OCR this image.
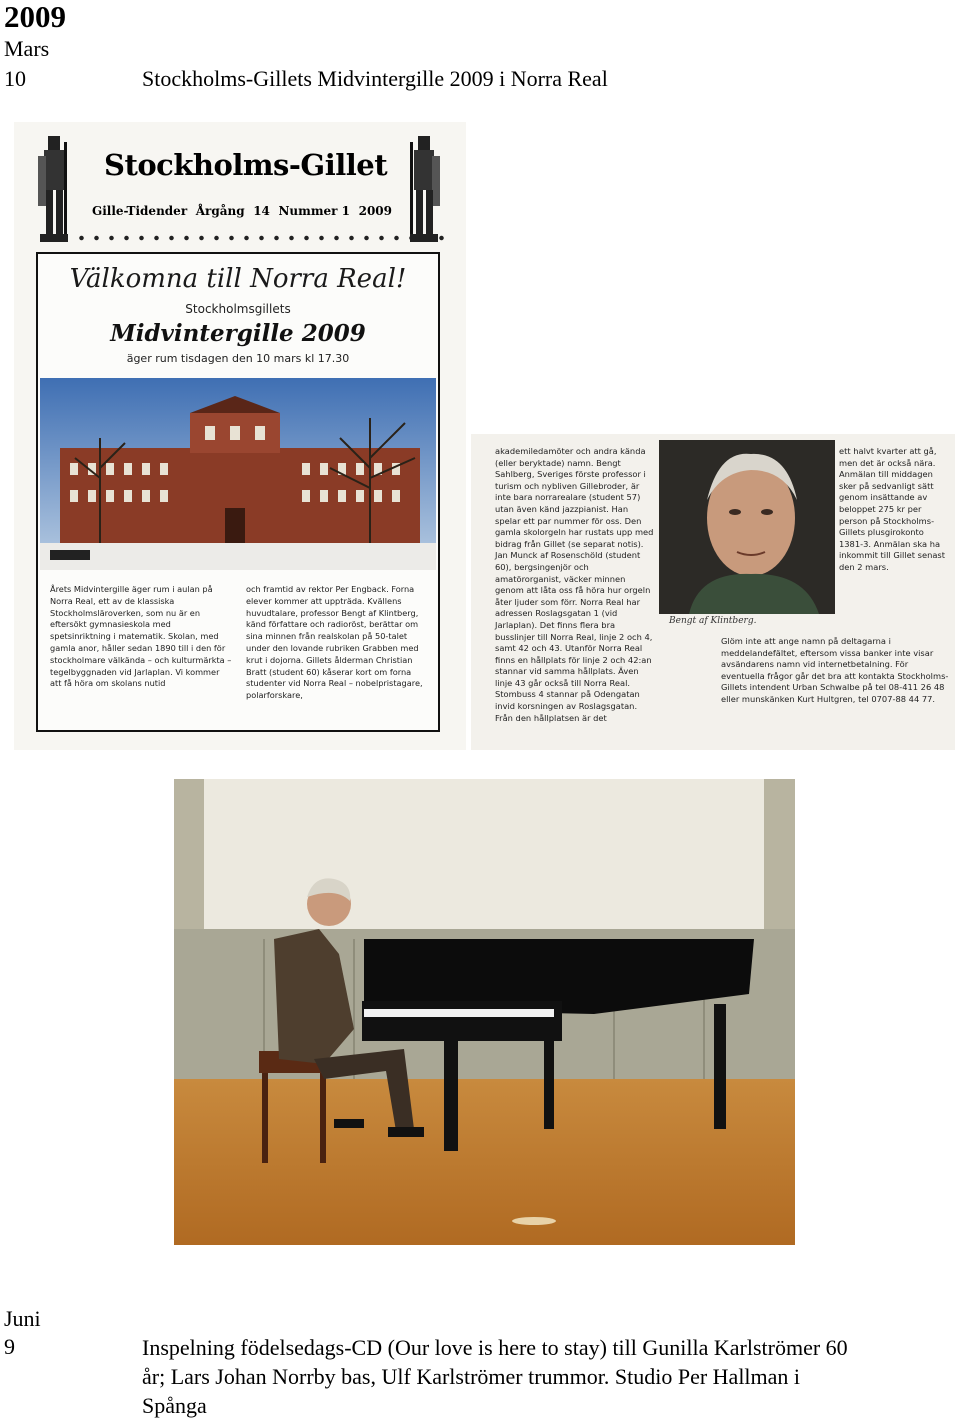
2009
Mars
10	Stockholms-Gillets Midvintergille 2009 i Norra Real
Stockholms-Gillet
Gille-Tidender Årgång 14 Nummer 1 2009
Välkomna till Norra Real!
Stockholmsgillets
Midvintergille 2009
äger rum tisdagen den 10 mars kl 17.30
Årets Midvintergille äger rum i aulan på Norra Real, ett av de klassiska Stockholmsläroverken, som nu är en eftersökt gymnasieskola med spetsinriktning i matematik. Skolan, med gamla anor, håller sedan 1890 till i den för stockholmare välkända – och kulturmärkta – tegelbyggnaden vid Jarlaplan. Vi kommer att få höra om skolans nutid
och framtid av rektor Per Engback. Forna elever kommer att uppträda. Kvällens huvudtalare, professor Bengt af Klintberg, känd författare och radioröst, berättar om sina minnen från realskolan på 50-talet under den lovande rubriken Grabben med krut i dojorna. Gillets ålderman Christian Bratt (student 60) kåserar kort om forna studenter vid Norra Real – nobelpristagare, polarforskare,
akademiledamöter och andra kända (eller beryktade) namn. Bengt Sahlberg, Sveriges förste professor i turism och nybliven Gillebroder, är inte bara norrarealare (student 57) utan även känd jazzpianist. Han spelar ett par nummer för oss. Den gamla skolorgeln har rustats upp med bidrag från Gillet (se separat notis). Jan Munck af Rosenschöld (student 60), bergsingenjör och amatörorganist, väcker minnen genom att låta oss få höra hur orgeln åter ljuder som förr. Norra Real har adressen Roslagsgatan 1 (vid Jarlaplan). Det finns flera bra busslinjer till Norra Real, linje 2 och 4, samt 42 och 43. Utanför Norra Real finns en hållplats för linje 2 och 42:an stannar vid samma hållplats. Även linje 43 går också till Norra Real. Stombuss 4 stannar på Odengatan invid korsningen av Roslagsgatan. Från den hållplatsen är det
Bengt af Klintberg.
ett halvt kvarter att gå, men det är också nära. Anmälan till middagen sker på sedvanligt sätt genom insättande av beloppet 275 kr per person på Stockholms-Gillets plusgirokonto 1381-3. Anmälan ska ha inkommit till Gillet senast den 2 mars.
Glöm inte att ange namn på deltagarna i meddelandefältet, eftersom vissa banker inte visar avsändarens namn vid internetbetalning. För eventuella frågor går det bra att kontakta Stockholms-Gillets intendent Urban Schwalbe på tel 08-411 26 48 eller munskänken Kurt Hultgren, tel 0707-88 44 77.
Juni
9	Inspelning födelsedags-CD (Our love is here to stay) till Gunilla Karlströmer 60
år; Lars Johan Norrby bas, Ulf Karlströmer trummor. Studio Per Hallman i
Spånga
